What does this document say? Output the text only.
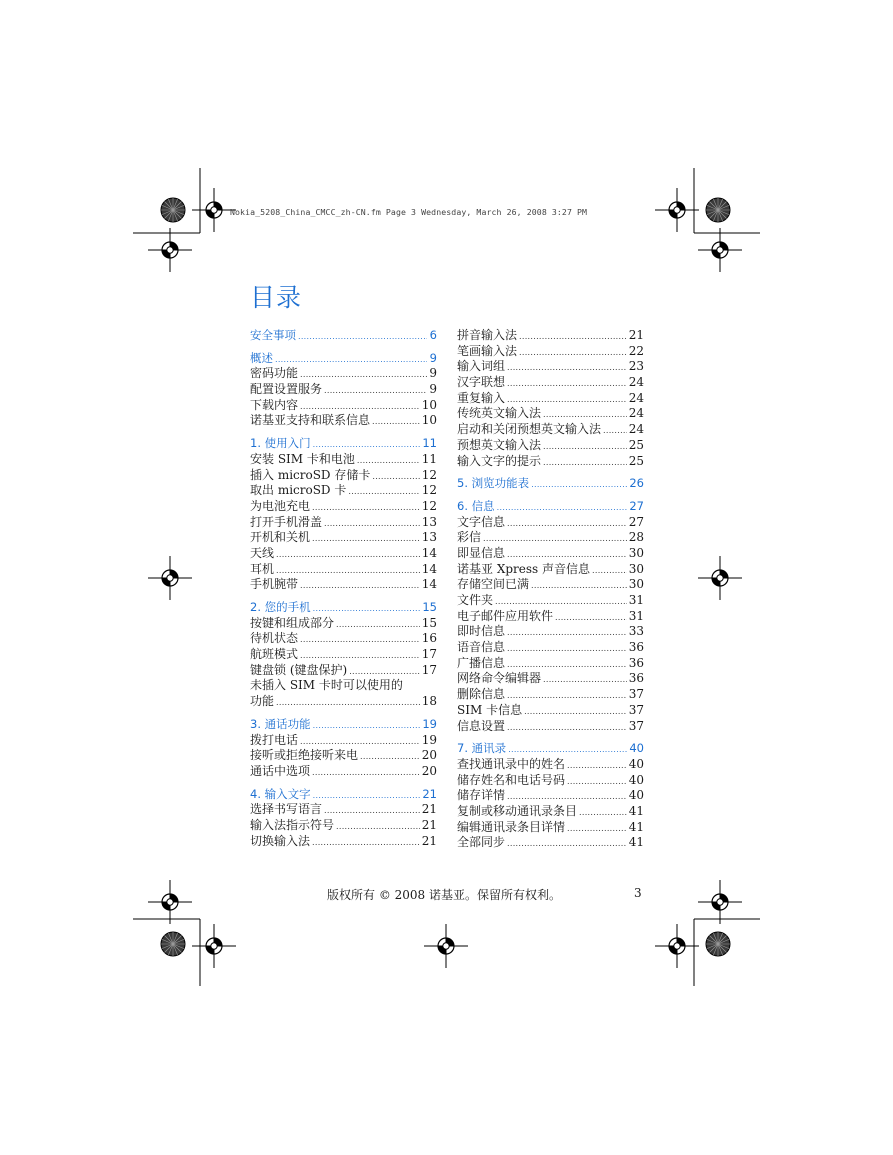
Nokia_5208_China_CMCC_zh-CN.fm Page 3 Wednesday, March 26, 2008 3:27 PM
目录
安全事项 .....	6
概述 .....	9
密码功能 .....	9
配置设置服务 .....	9
下载内容 .....	10
诺基亚支持和联系信息 .....	10
1. 使用入门 .....	11
安装 SIM 卡和电池 .....	11
插入 microSD 存储卡 .....	12
取出 microSD 卡 .....	12
为电池充电 .....	12
打开手机滑盖 .....	13
开机和关机 .....	13
天线 .....	14
耳机 .....	14
手机腕带 .....	14
2. 您的手机 .....	15
按键和组成部分 .....	15
待机状态 .....	16
航班模式 .....	17
键盘锁 (键盘保护) .....	17
未插入 SIM 卡时可以使用的
功能 .....	18
3. 通话功能 .....	19
拨打电话 .....	19
接听或拒绝接听来电 .....	20
通话中选项 .....	20
4. 输入文字 .....	21
选择书写语言 .....	21
输入法指示符号 .....	21
切换输入法 .....	21
拼音输入法 .....	21
笔画输入法 .....	22
输入词组 .....	23
汉字联想 .....	24
重复输入 .....	24
传统英文输入法 .....	24
启动和关闭预想英文输入法 ..... 24
预想英文输入法 .....	25
输入文字的提示 .....	25
5. 浏览功能表 .....	26
6. 信息 .....	27
文字信息 .....	27
彩信 .....	28
即显信息 .....	30
诺基亚 Xpress 声音信息 .....	30
存储空间已满 .....	30
文件夹 .....	31
电子邮件应用软件 .....	31
即时信息 .....	33
语音信息 .....	36
广播信息 .....	36
网络命令编辑器 .....	36
删除信息 .....	37
SIM 卡信息 .....	37
信息设置 .....	37
7. 通讯录 .....	40
查找通讯录中的姓名 .....	40
储存姓名和电话号码 .....	40
储存详情 .....	40
复制或移动通讯录条目 .....	41
编辑通讯录条目详情 .....	41
全部同步 .....	41
版权所有 © 2008 诺基亚。保留所有权利。	3
